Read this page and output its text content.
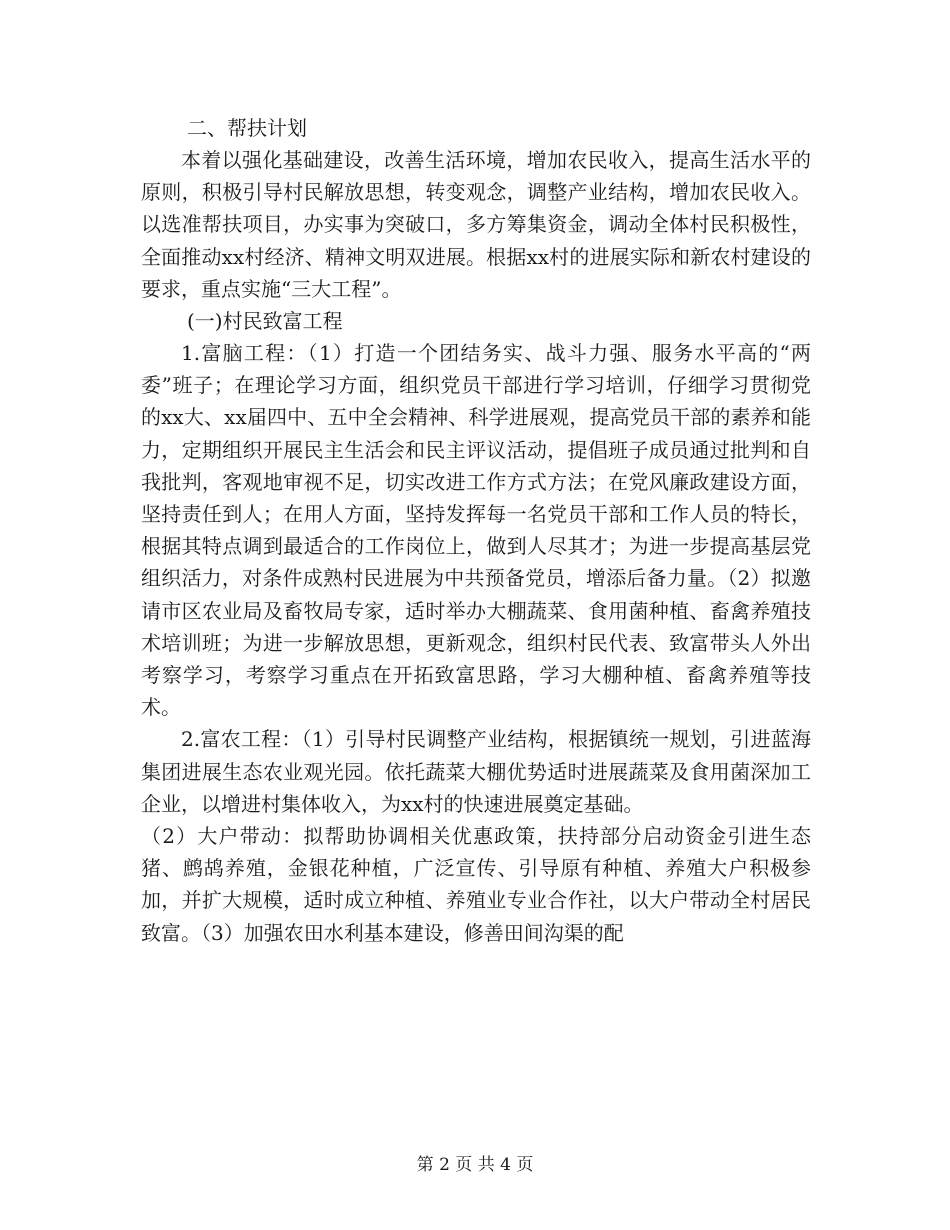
二、帮扶计划

本着以强化基础建设，改善生活环境，增加农民收入，提高生活水平的原则，积极引导村民解放思想，转变观念，调整产业结构，增加农民收入。以选准帮扶项目，办实事为突破口，多方筹集资金，调动全体村民积极性，全面推动xx村经济、精神文明双进展。根据xx村的进展实际和新农村建设的要求，重点实施“三大工程”。

(一)村民致富工程

1.富脑工程：（1）打造一个团结务实、战斗力强、服务水平高的“两委”班子；在理论学习方面，组织党员干部进行学习培训，仔细学习贯彻党的xx大、xx届四中、五中全会精神、科学进展观，提高党员干部的素养和能力，定期组织开展民主生活会和民主评议活动，提倡班子成员通过批判和自我批判，客观地审视不足，切实改进工作方式方法；在党风廉政建设方面，坚持责任到人；在用人方面，坚持发挥每一名党员干部和工作人员的特长，根据其特点调到最适合的工作岗位上，做到人尽其才；为进一步提高基层党组织活力，对条件成熟村民进展为中共预备党员，增添后备力量。（2）拟邀请市区农业局及畜牧局专家，适时举办大棚蔬菜、食用菌种植、畜禽养殖技术培训班；为进一步解放思想，更新观念，组织村民代表、致富带头人外出考察学习，考察学习重点在开拓致富思路，学习大棚种植、畜禽养殖等技术。

2.富农工程：（1）引导村民调整产业结构，根据镇统一规划，引进蓝海集团进展生态农业观光园。依托蔬菜大棚优势适时进展蔬菜及食用菌深加工企业，以增进村集体收入，为xx村的快速进展奠定基础。

（2）大户带动：拟帮助协调相关优惠政策，扶持部分启动资金引进生态猪、鹧鸪养殖，金银花种植，广泛宣传、引导原有种植、养殖大户积极参加，并扩大规模，适时成立种植、养殖业专业合作社，以大户带动全村居民致富。（3）加强农田水利基本建设，修善田间沟渠的配

第 2 页 共 4 页
